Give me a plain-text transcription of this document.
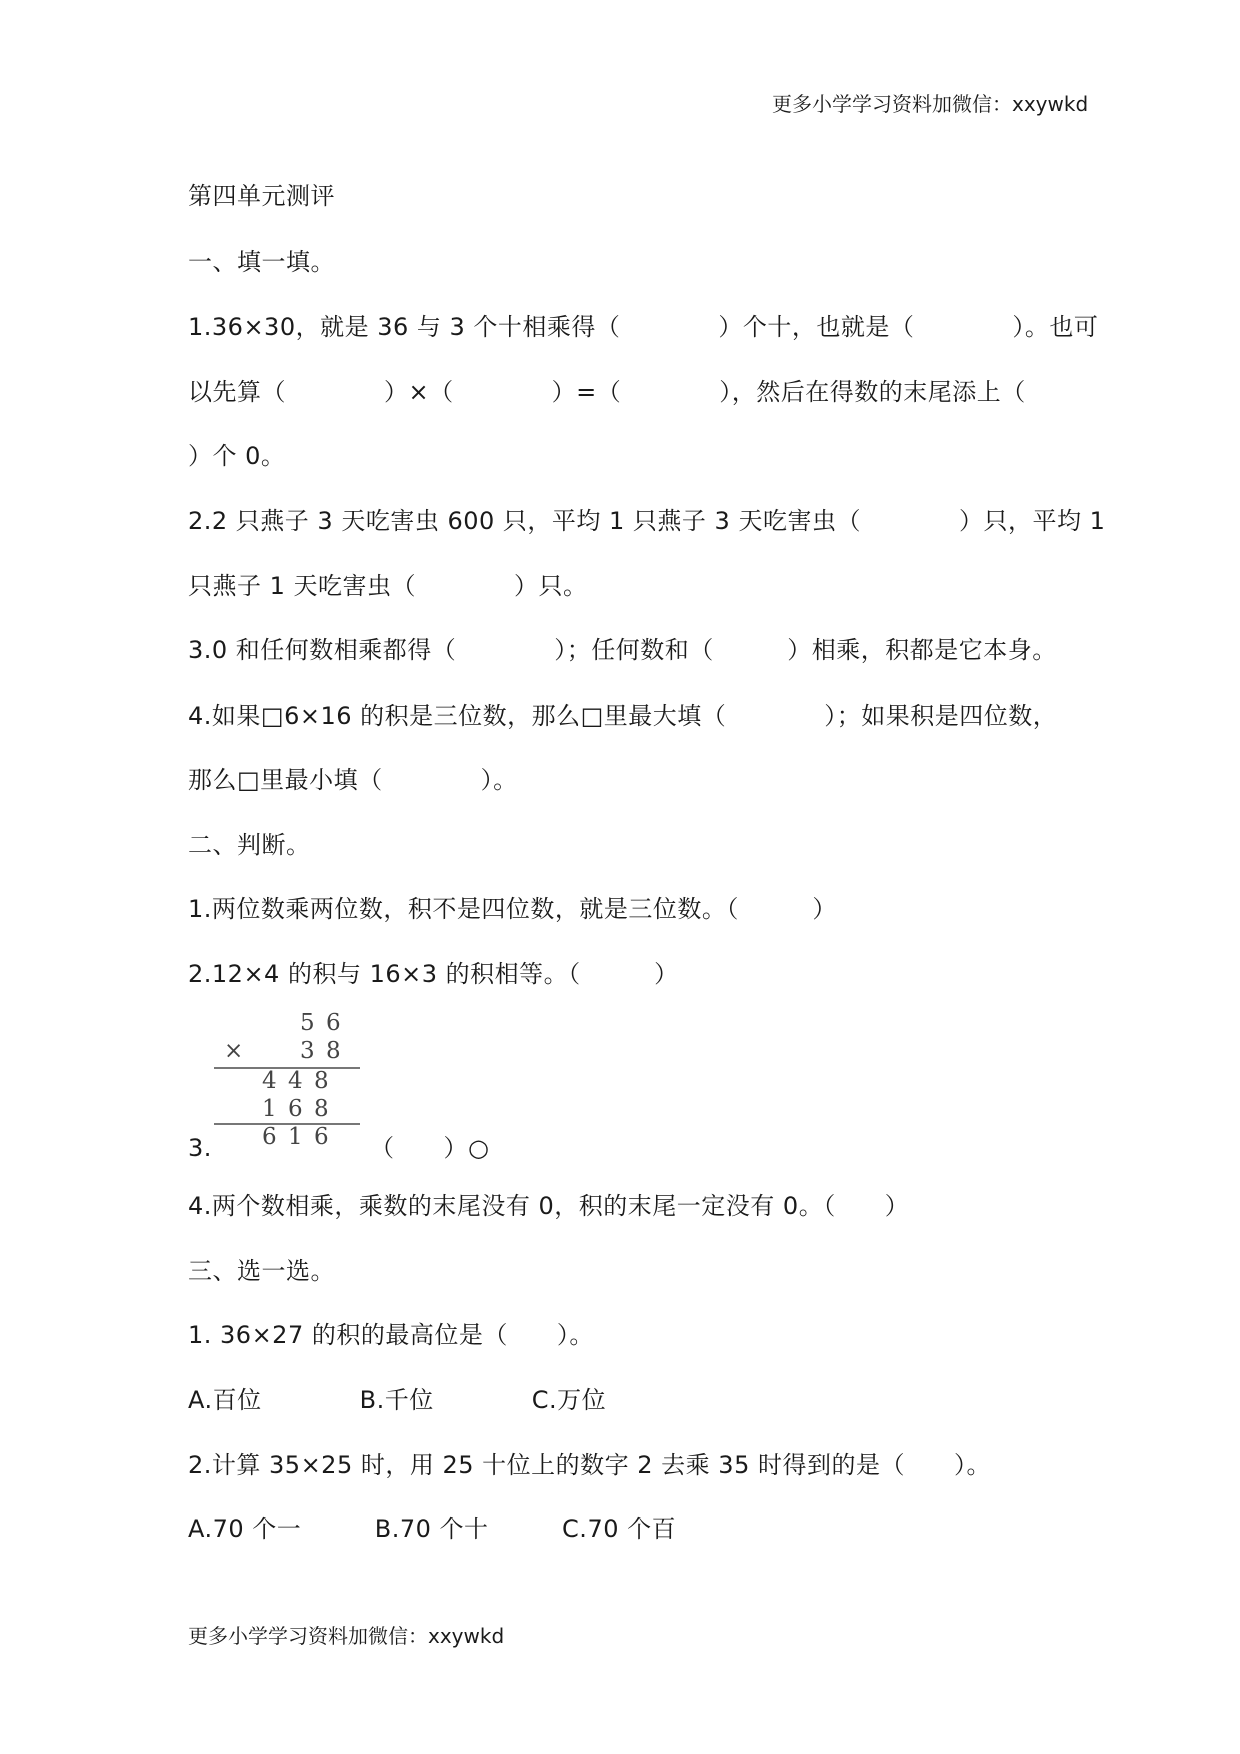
更多小学学习资料加微信：xxywkd
第四单元测评
一、填一填。
1.36×30，就是 36 与 3 个十相乘得（　　　　）个十，也就是（　　　　）。也可
以先算（　　　　）×（　　　　）=（　　　　），然后在得数的末尾添上（
）个 0。
2.2 只燕子 3 天吃害虫 600 只，平均 1 只燕子 3 天吃害虫（　　　　）只，平均 1
只燕子 1 天吃害虫（　　　　）只。
3.0 和任何数相乘都得（　　　　）；任何数和（　　　）相乘，积都是它本身。
4.如果□6×16 的积是三位数，那么□里最大填（　　　　）；如果积是四位数，
那么□里最小填（　　　　）。
二、判断。
1.两位数乘两位数，积不是四位数，就是三位数。（　　　）
2.12×4 的积与 16×3 的积相等。（　　　）
5 6
× 3 8
4 4 8
1 6 8
6 1 6
3.	（　　）○
4.两个数相乘，乘数的末尾没有 0，积的末尾一定没有 0。（　　）
三、选一选。
1. 36×27 的积的最高位是（　　）。
A.百位　　　　B.千位　　　　C.万位
2.计算 35×25 时，用 25 十位上的数字 2 去乘 35 时得到的是（　　）。
A.70 个一　　　B.70 个十　　　C.70 个百
更多小学学习资料加微信：xxywkd
